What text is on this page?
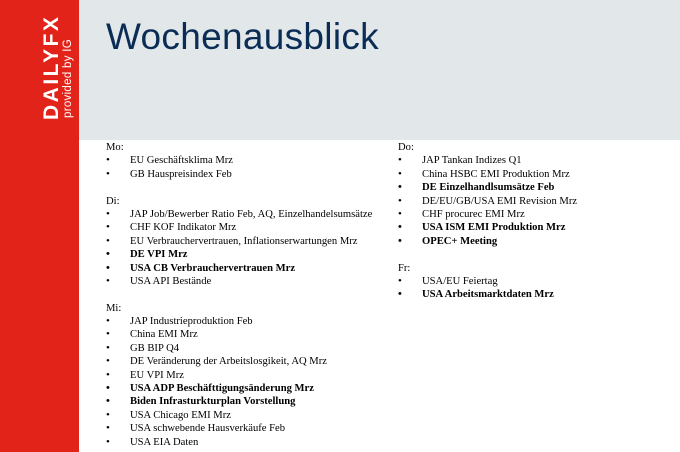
DAILYFX provided by IG
Wochenausblick
Mo:
• EU Geschäftsklima Mrz
• GB Hauspreisindex Feb
Di:
• JAP Job/Bewerber Ratio Feb, AQ, Einzelhandelsumsätze
• CHF KOF Indikator Mrz
• EU Verbrauchervertrauen, Inflationserwartungen Mrz
• DE VPI Mrz
• USA CB Verbrauchervertrauen Mrz
• USA API Bestände
Mi:
• JAP Industrieproduktion Feb
• China EMI Mrz
• GB BIP Q4
• DE Veränderung der Arbeitslosgikeit, AQ Mrz
• EU VPI Mrz
• USA ADP Beschäfttigungsänderung Mrz
• Biden Infrasturkturplan Vorstellung
• USA Chicago EMI Mrz
• USA schwebende Hausverkäufe Feb
• USA EIA Daten
Do:
• JAP Tankan Indizes Q1
• China HSBC EMI Produktion Mrz
• DE Einzelhandlsumsätze Feb
• DE/EU/GB/USA EMI Revision Mrz
• CHF procurec EMI Mrz
• USA ISM EMI Produktion Mrz
• OPEC+ Meeting
Fr:
• USA/EU Feiertag
• USA Arbeitsmarktdaten Mrz
